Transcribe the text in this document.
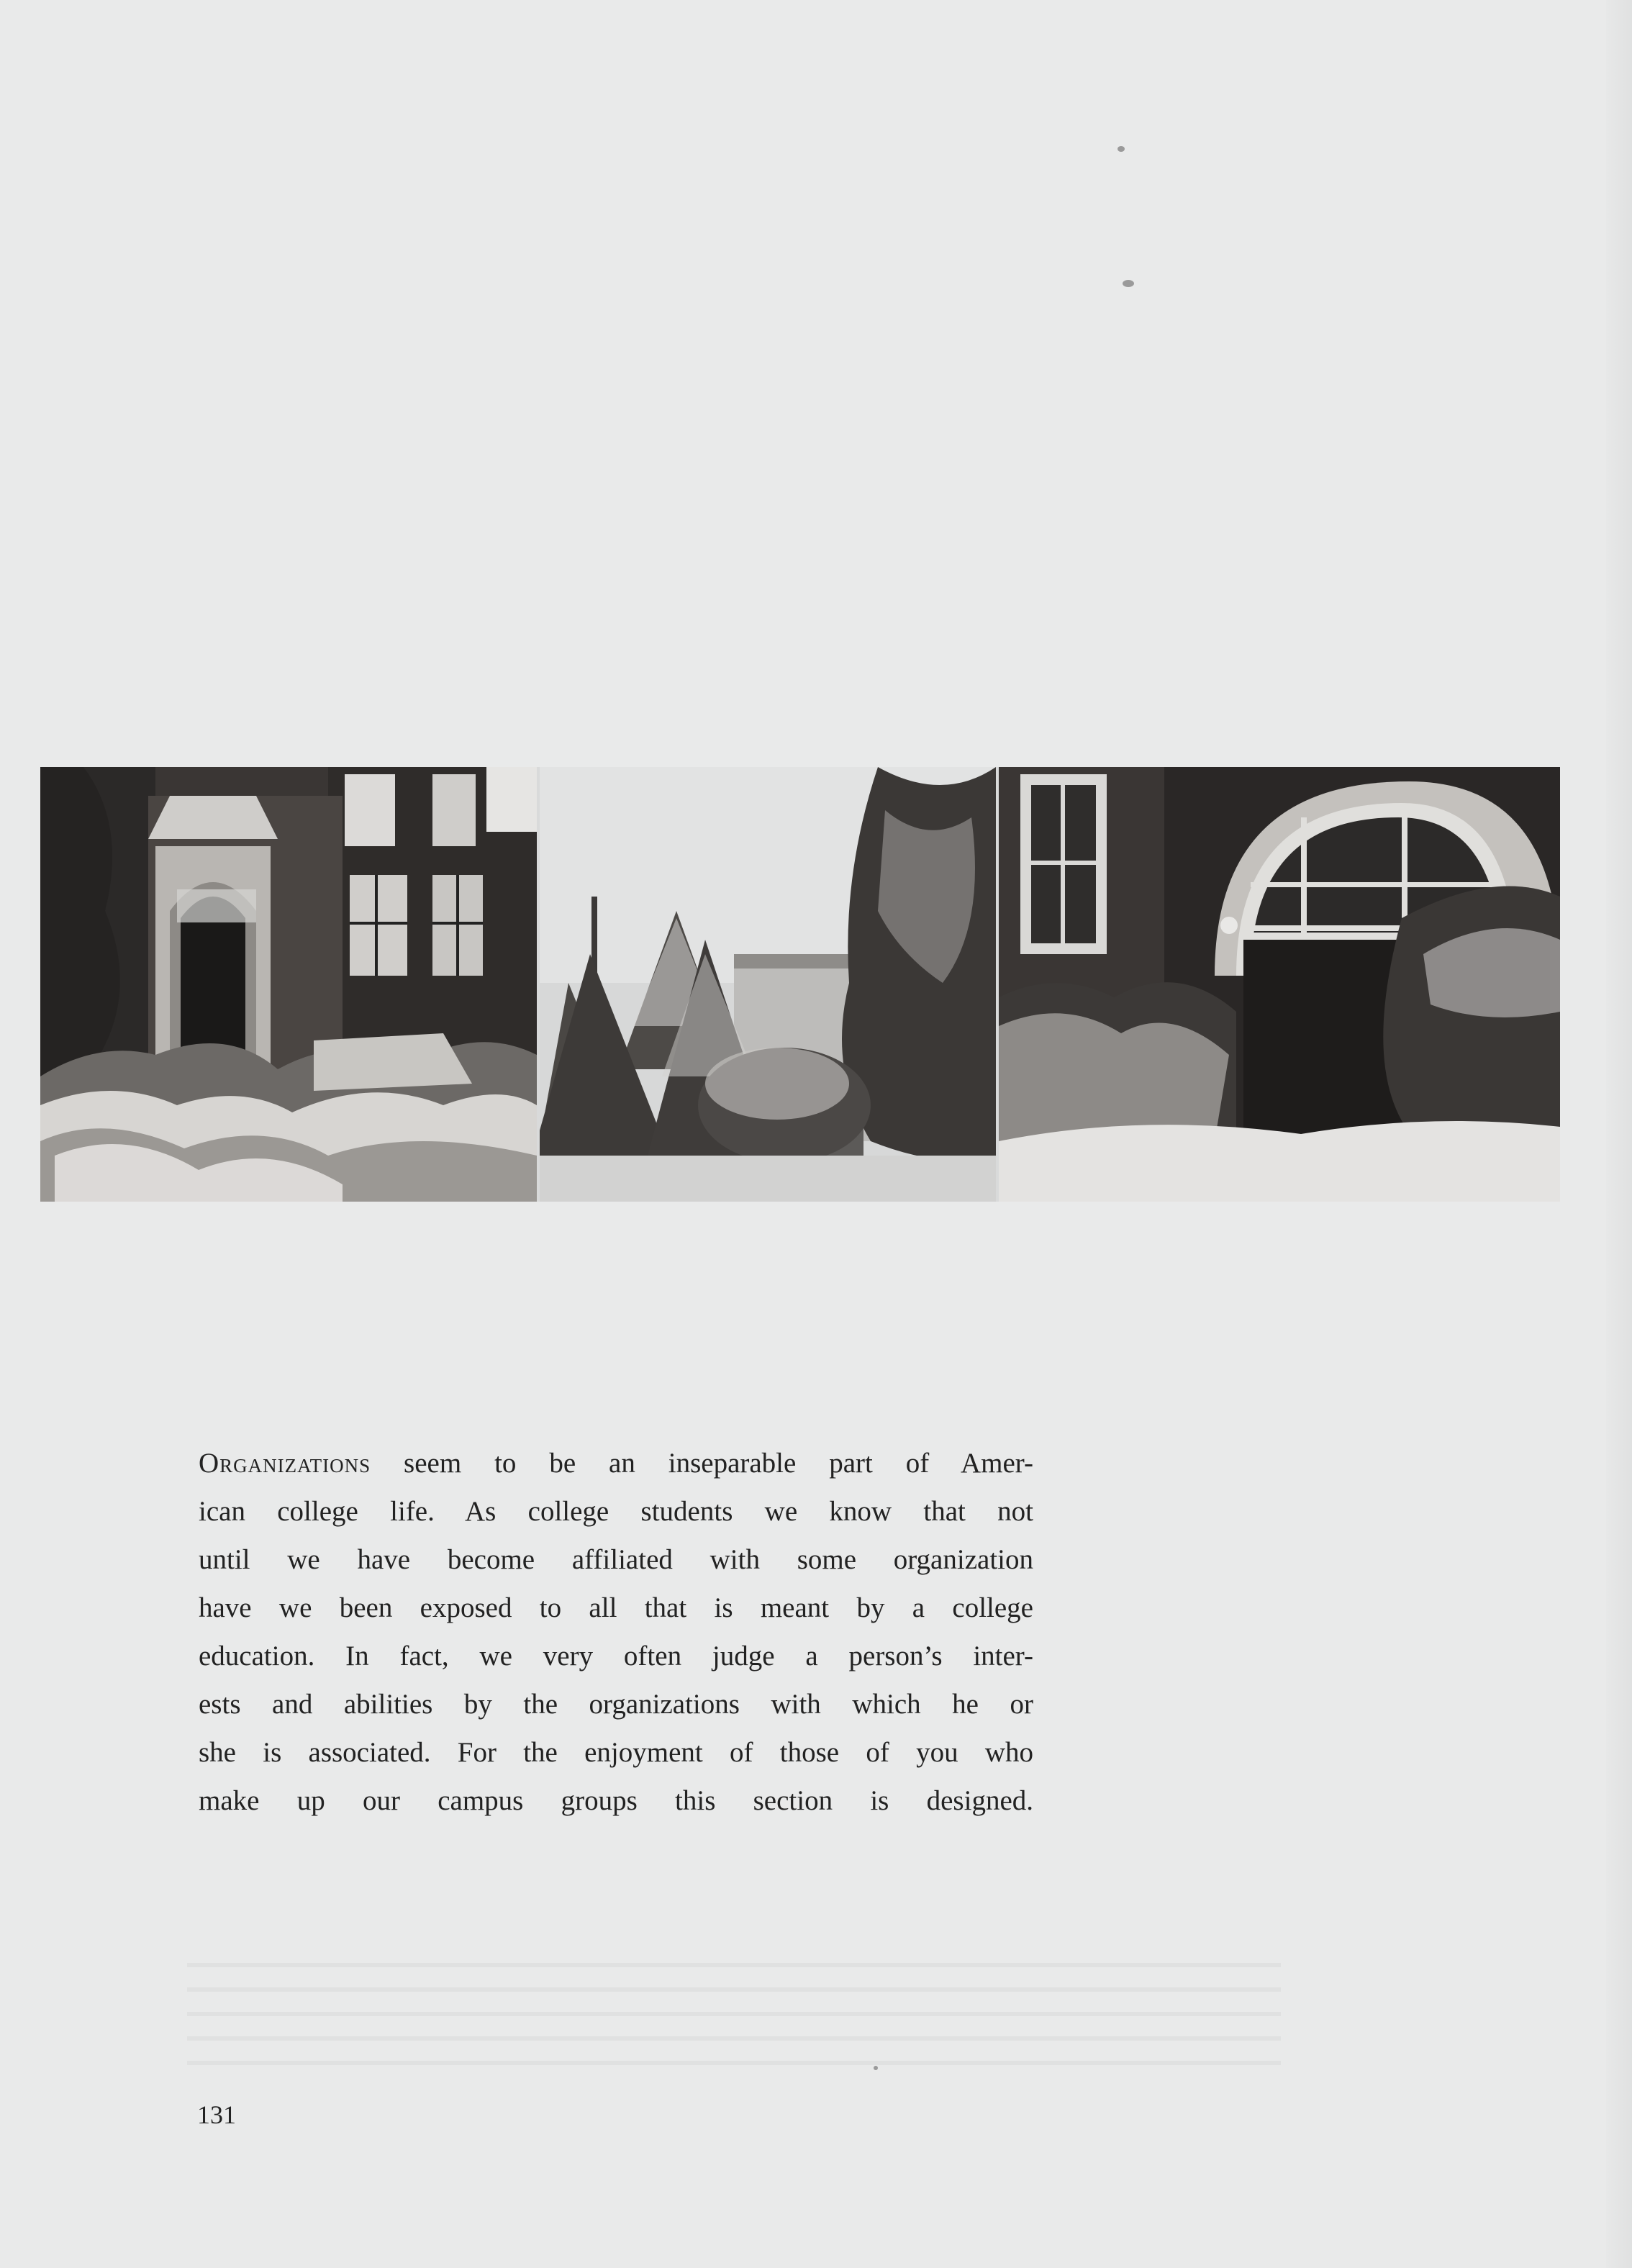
Organizations seem to be an inseparable part of Amer-
ican college life. As college students we know that not
until we have become affiliated with some organization
have we been exposed to all that is meant by a college
education. In fact, we very often judge a person’s inter-
ests and abilities by the organizations with which he or
she is associated. For the enjoyment of those of you who
make up our campus groups this section is designed.
131
